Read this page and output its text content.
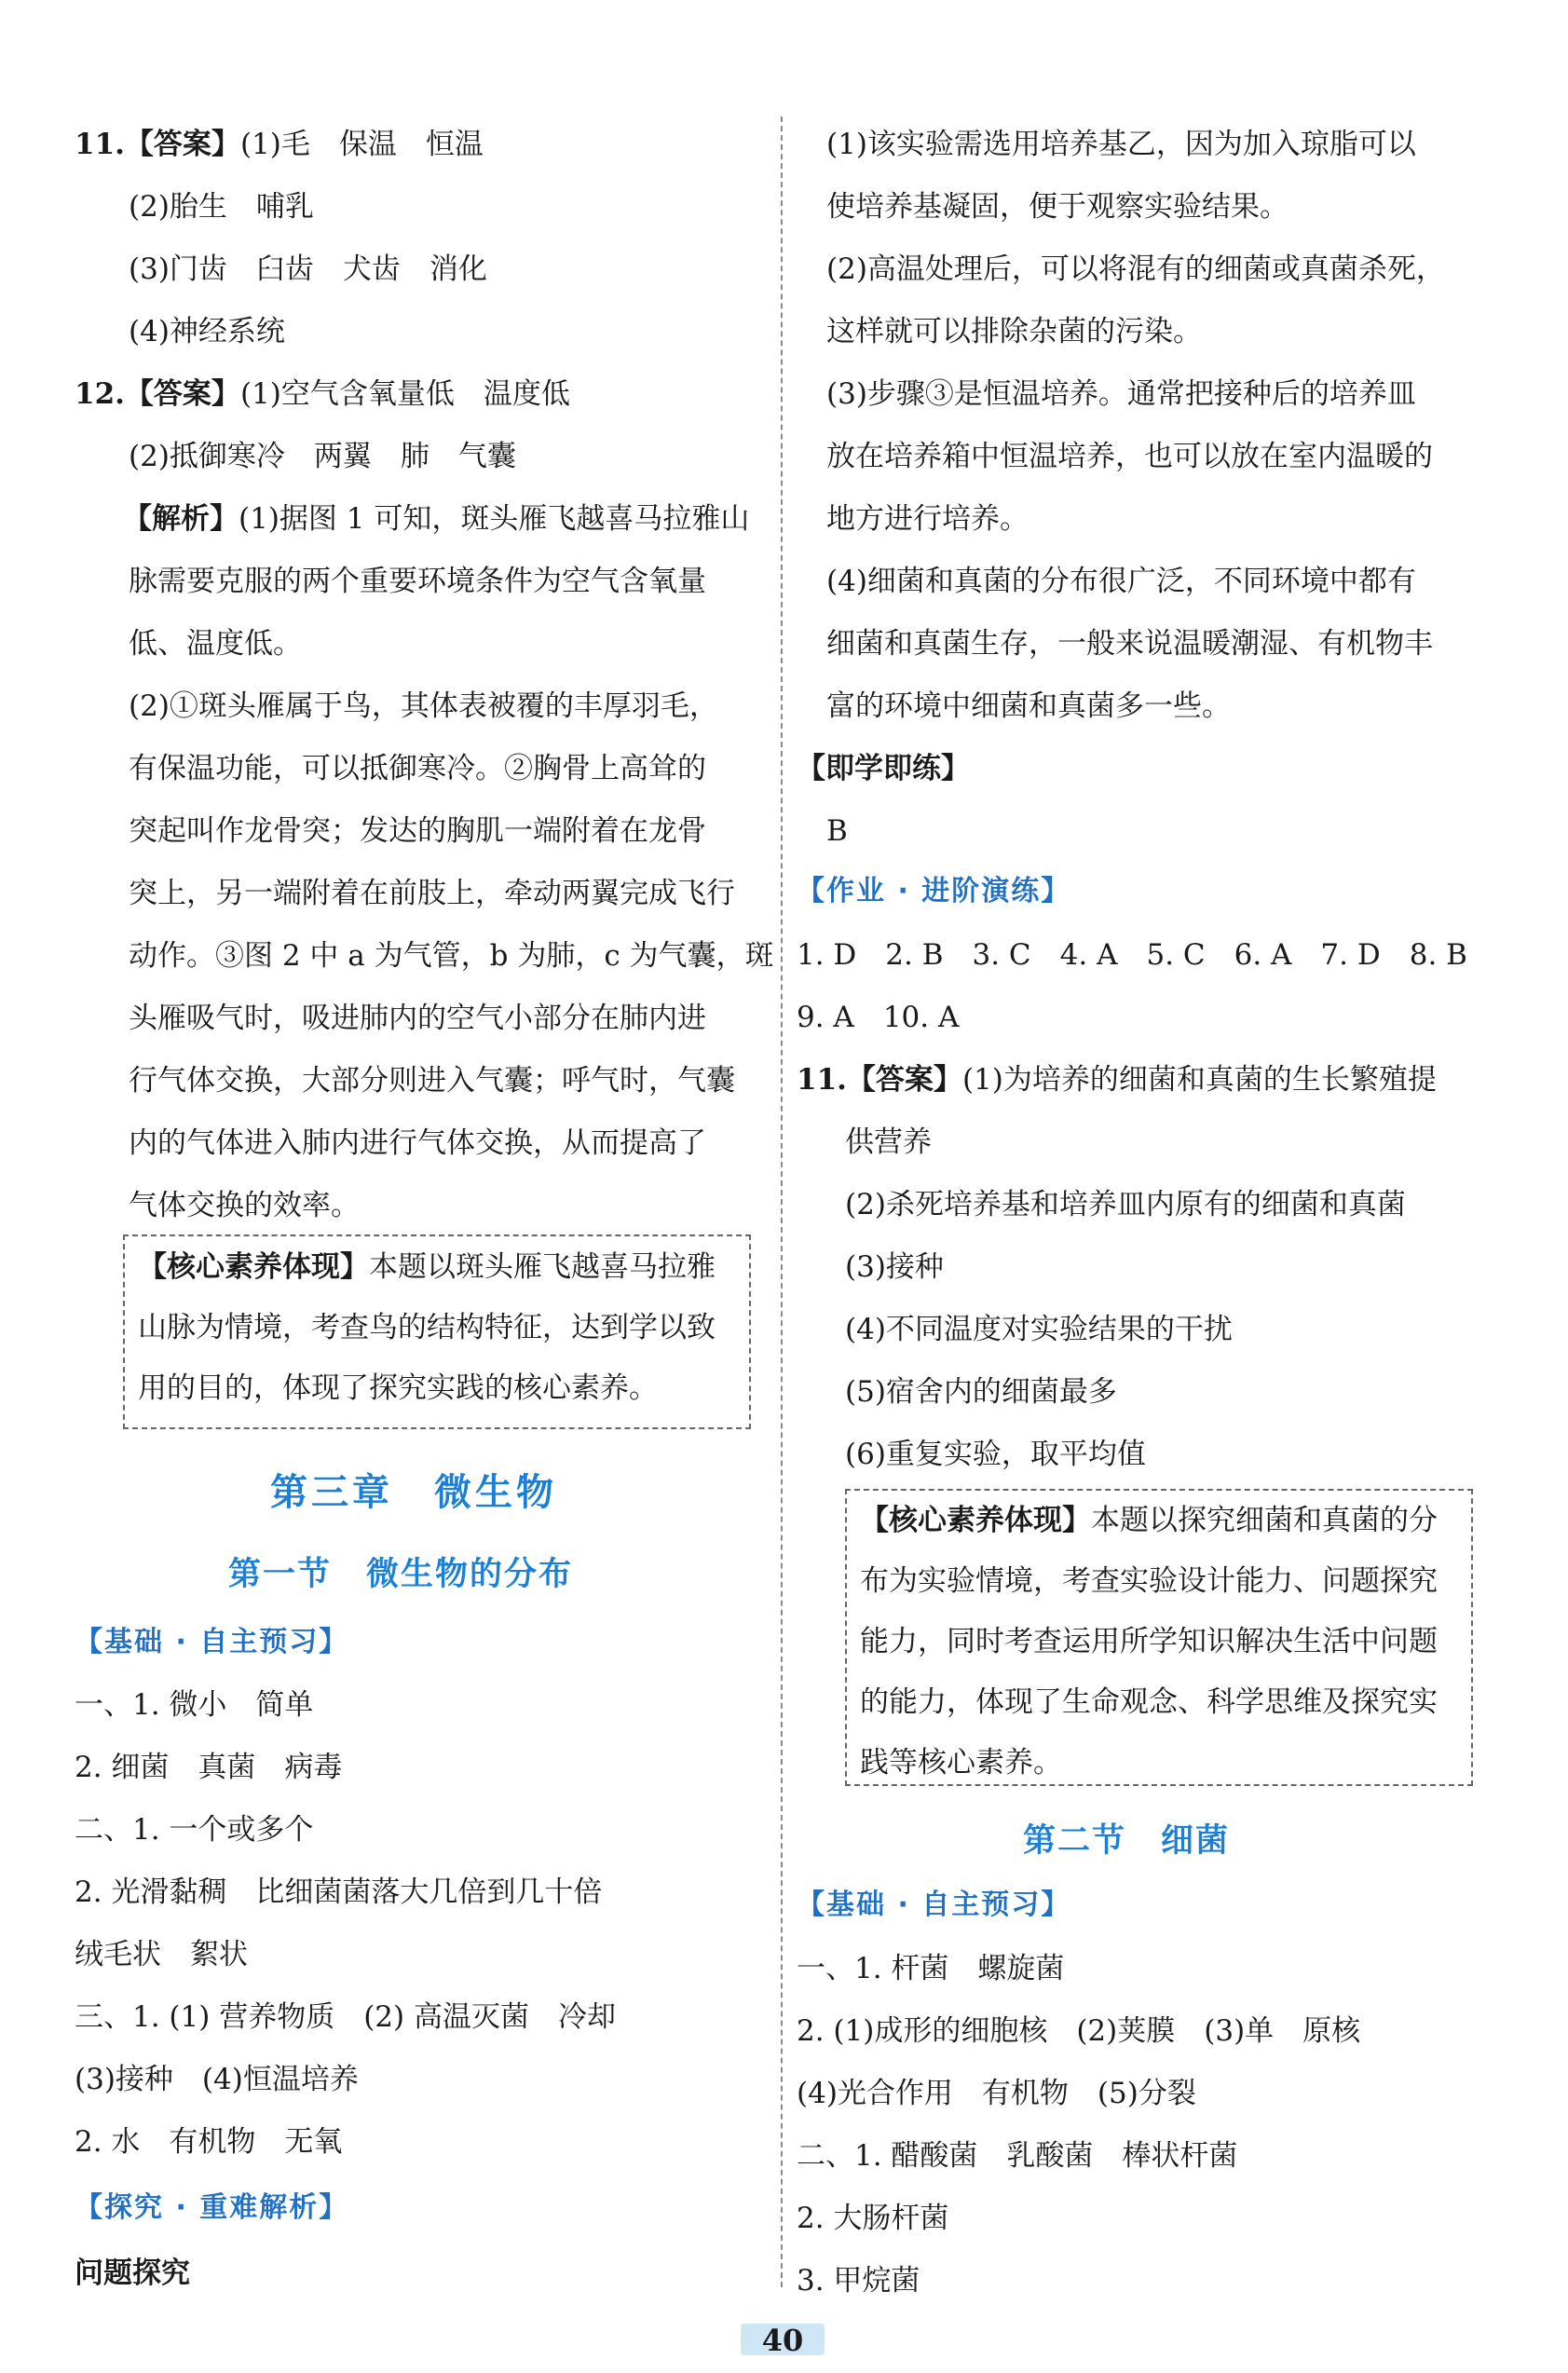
11.【答案】(1)毛　保温　恒温
(2)胎生　哺乳
(3)门齿　臼齿　犬齿　消化
(4)神经系统
12.【答案】(1)空气含氧量低　温度低
(2)抵御寒冷　两翼　肺　气囊
【解析】(1)据图 1 可知，斑头雁飞越喜马拉雅山
脉需要克服的两个重要环境条件为空气含氧量
低、温度低。
(2)①斑头雁属于鸟，其体表被覆的丰厚羽毛，
有保温功能，可以抵御寒冷。②胸骨上高耸的
突起叫作龙骨突；发达的胸肌一端附着在龙骨
突上，另一端附着在前肢上，牵动两翼完成飞行
动作。③图 2 中 a 为气管，b 为肺，c 为气囊，斑
头雁吸气时，吸进肺内的空气小部分在肺内进
行气体交换，大部分则进入气囊；呼气时，气囊
内的气体进入肺内进行气体交换，从而提高了
气体交换的效率。
【核心素养体现】本题以斑头雁飞越喜马拉雅
山脉为情境，考查鸟的结构特征，达到学以致
用的目的，体现了探究实践的核心素养。
第三章　微生物
第一节　微生物的分布
【基础 · 自主预习】
一、1. 微小　简单
2. 细菌　真菌　病毒
二、1. 一个或多个
2. 光滑黏稠　比细菌菌落大几倍到几十倍
绒毛状　絮状
三、1. (1) 营养物质　(2) 高温灭菌　冷却
(3)接种　(4)恒温培养
2. 水　有机物　无氧
【探究 · 重难解析】
问题探究
(1)该实验需选用培养基乙，因为加入琼脂可以
使培养基凝固，便于观察实验结果。
(2)高温处理后，可以将混有的细菌或真菌杀死，
这样就可以排除杂菌的污染。
(3)步骤③是恒温培养。通常把接种后的培养皿
放在培养箱中恒温培养，也可以放在室内温暖的
地方进行培养。
(4)细菌和真菌的分布很广泛，不同环境中都有
细菌和真菌生存，一般来说温暖潮湿、有机物丰
富的环境中细菌和真菌多一些。
【即学即练】
B
【作业 · 进阶演练】
1. D　2. B　3. C　4. A　5. C　6. A　7. D　8. B
9. A　10. A
11.【答案】(1)为培养的细菌和真菌的生长繁殖提
供营养
(2)杀死培养基和培养皿内原有的细菌和真菌
(3)接种
(4)不同温度对实验结果的干扰
(5)宿舍内的细菌最多
(6)重复实验，取平均值
【核心素养体现】本题以探究细菌和真菌的分
布为实验情境，考查实验设计能力、问题探究
能力，同时考查运用所学知识解决生活中问题
的能力，体现了生命观念、科学思维及探究实
践等核心素养。
第二节　细菌
【基础 · 自主预习】
一、1. 杆菌　螺旋菌
2. (1)成形的细胞核　(2)荚膜　(3)单　原核
(4)光合作用　有机物　(5)分裂
二、1. 醋酸菌　乳酸菌　棒状杆菌
2. 大肠杆菌
3. 甲烷菌
40
